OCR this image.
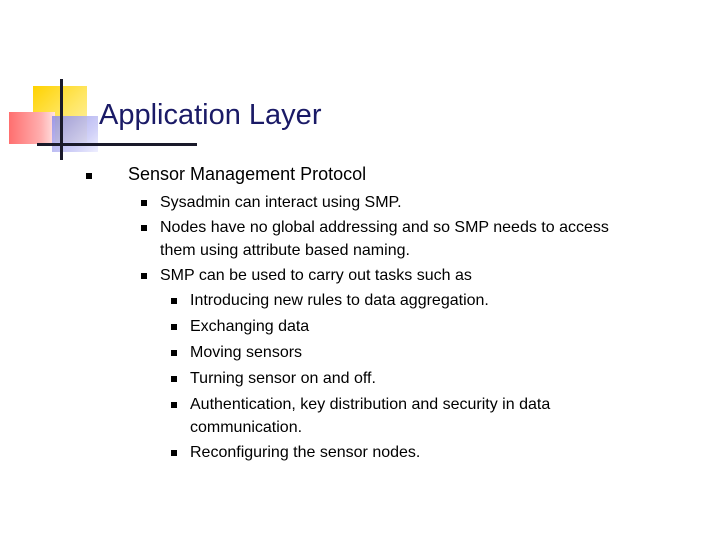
Application Layer
Sensor Management Protocol
Sysadmin can interact using SMP.
Nodes have no global addressing and so SMP needs to access
them using attribute based naming.
SMP can be used to carry out tasks such as
Introducing new rules to data aggregation.
Exchanging data
Moving sensors
Turning sensor on and off.
Authentication, key distribution and security in data
communication.
Reconfiguring the sensor nodes.
